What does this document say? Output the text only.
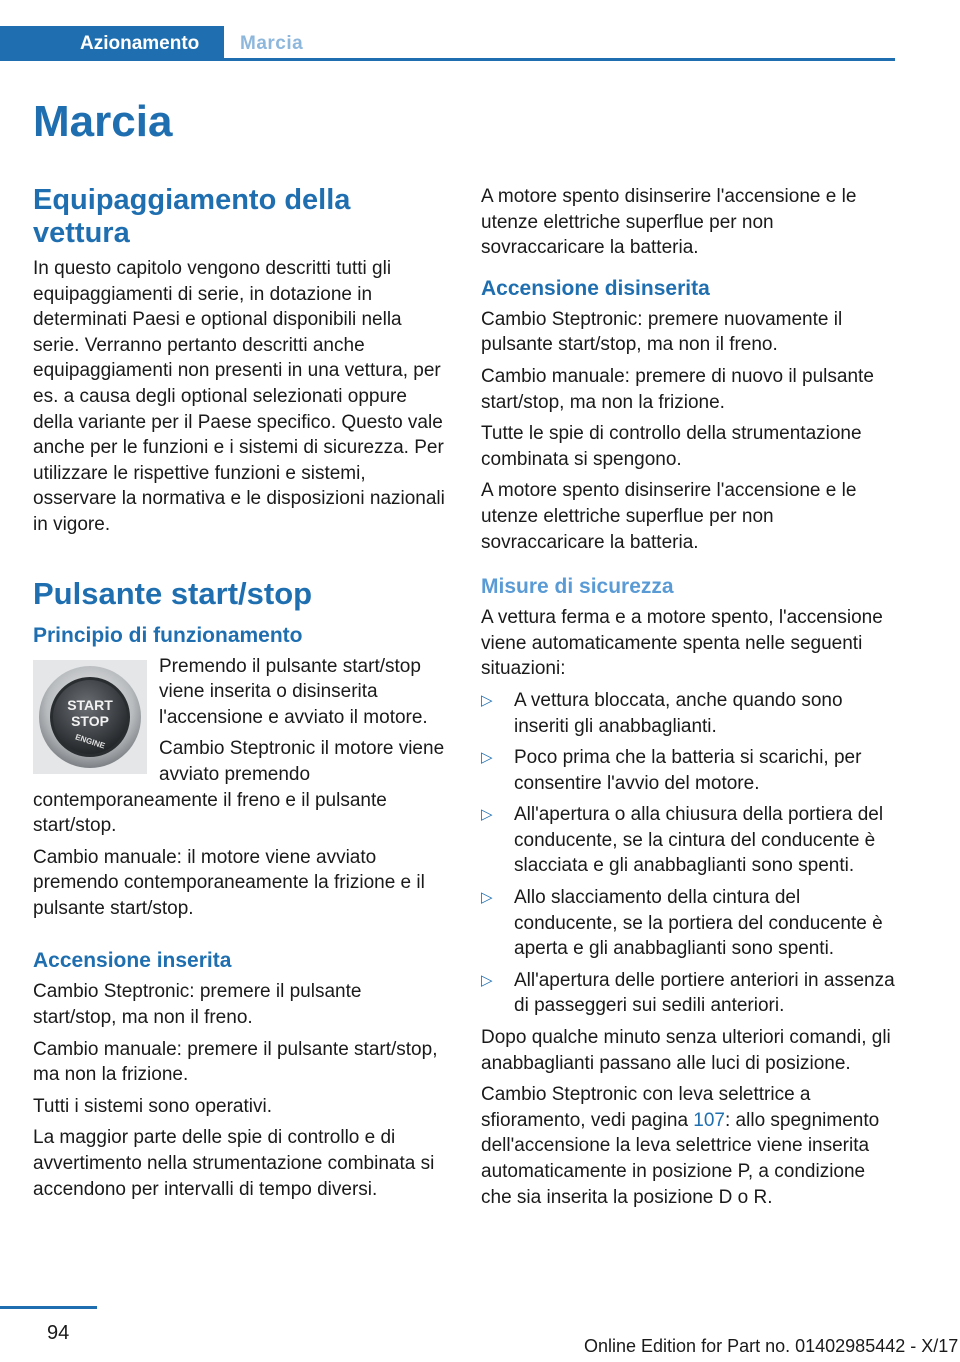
Azionamento	Marcia
Marcia
Equipaggiamento della vettura

In questo capitolo vengono descritti tutti gli equipaggiamenti di serie, in dotazione in determinati Paesi e optional disponibili nella serie. Verranno pertanto descritti anche equipaggiamenti non presenti in una vettura, per es. a causa degli optional selezionati oppure della variante per il Paese specifico. Questo vale anche per le funzioni e i sistemi di sicurezza. Per utilizzare le rispettive funzioni e sistemi, osservare la normativa e le disposizioni nazionali in vigore.

Pulsante start/stop
Principio di funzionamento
START
STOP
ENGINE

Premendo il pulsante start/stop viene inserita o disinserita l'accensione e avviato il motore.

Cambio Steptronic il motore viene avviato premendo contemporaneamente il freno e il pulsante start/stop.

Cambio manuale: il motore viene avviato premendo contemporaneamente la frizione e il pulsante start/stop.

Accensione inserita

Cambio Steptronic: premere il pulsante start/stop, ma non il freno.

Cambio manuale: premere il pulsante start/stop, ma non la frizione.

Tutti i sistemi sono operativi.

La maggior parte delle spie di controllo e di avvertimento nella strumentazione combinata si accendono per intervalli di tempo diversi.

A motore spento disinserire l'accensione e le utenze elettriche superflue per non sovraccaricare la batteria.

Accensione disinserita

Cambio Steptronic: premere nuovamente il pulsante start/stop, ma non il freno.

Cambio manuale: premere di nuovo il pulsante start/stop, ma non la frizione.

Tutte le spie di controllo della strumentazione combinata si spengono.

A motore spento disinserire l'accensione e le utenze elettriche superflue per non sovraccaricare la batteria.

Misure di sicurezza

A vettura ferma e a motore spento, l'accensione viene automaticamente spenta nelle seguenti situazioni:

▷ A vettura bloccata, anche quando sono inseriti gli anabbaglianti.
▷ Poco prima che la batteria si scarichi, per consentire l'avvio del motore.
▷ All'apertura o alla chiusura della portiera del conducente, se la cintura del conducente è slacciata e gli anabbaglianti sono spenti.
▷ Allo slacciamento della cintura del conducente, se la portiera del conducente è aperta e gli anabbaglianti sono spenti.
▷ All'apertura delle portiere anteriori in assenza di passeggeri sui sedili anteriori.

Dopo qualche minuto senza ulteriori comandi, gli anabbaglianti passano alle luci di posizione.

Cambio Steptronic con leva selettrice a sfioramento, vedi pagina 107: allo spegnimento dell'accensione la leva selettrice viene inserita automaticamente in posizione P, a condizione che sia inserita la posizione D o R.

94
Online Edition for Part no. 01402985442 - X/17
